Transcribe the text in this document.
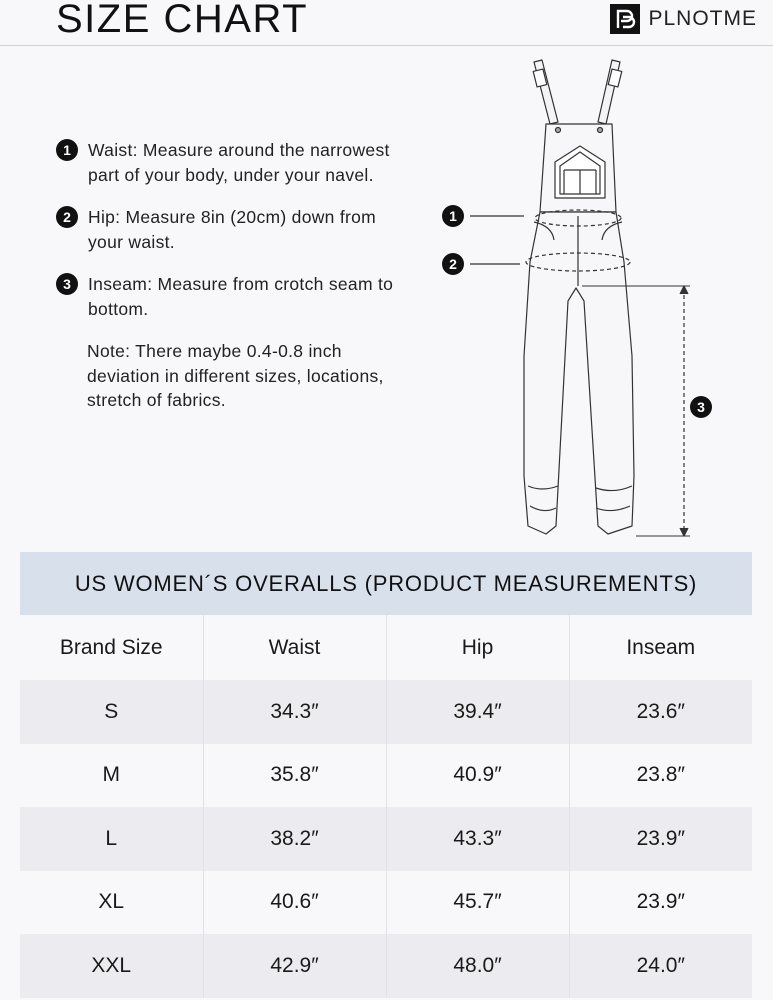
SIZE CHART	PLNOTME
1 Waist: Measure around the narrowest part of your body, under your navel.
2 Hip: Measure 8in (20cm) down from your waist.
3 Inseam: Measure from crotch seam to bottom.
Note: There maybe 0.4-0.8 inch deviation in different sizes, locations, stretch of fabrics.
1
2
3
US WOMEN´S OVERALLS (PRODUCT MEASUREMENTS)
Brand Size	Waist	Hip	Inseam
S	34.3″	39.4″	23.6″
M	35.8″	40.9″	23.8″
L	38.2″	43.3″	23.9″
XL	40.6″	45.7″	23.9″
XXL	42.9″	48.0″	24.0″
